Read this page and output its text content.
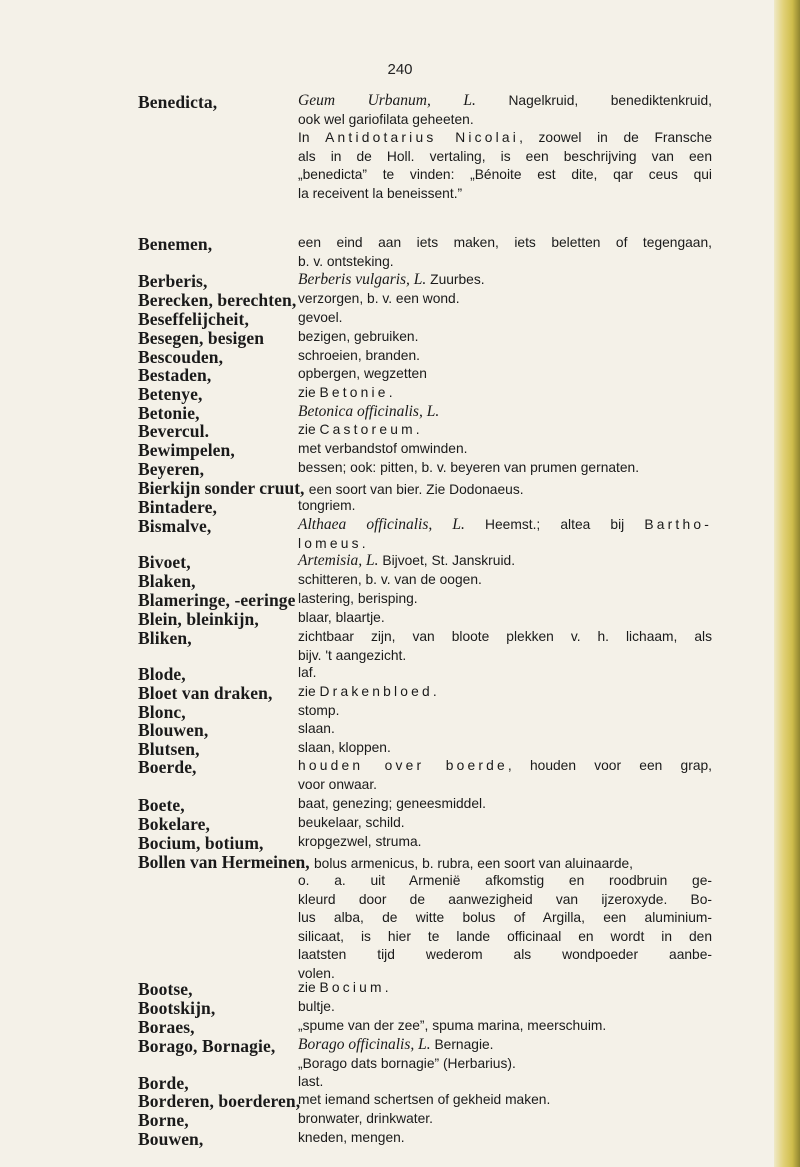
240
Benedicta,	Geum Urbanum, L. Nagelkruid, benediktenkruid,
ook wel gariofilata geheeten.
In Antidotarius Nicolai, zoowel in de Fransche
als in de Holl. vertaling, is een beschrijving van een
„benedicta” te vinden: „Bénoite est dite, qar ceus qui
la receivent la beneissent.”
Benemen,	een eind aan iets maken, iets beletten of tegengaan,
b. v. ontsteking.
Berberis,	Berberis vulgaris, L. Zuurbes.
Berecken, berechten, verzorgen, b. v. een wond.
Beseffelijcheit,	gevoel.
Besegen, besigen bezigen, gebruiken.
Bescouden,	schroeien, branden.
Bestaden,	opbergen, wegzetten
Betenye,	zie Betonie.
Betonie,	Betonica officinalis, L.
Bevercul.	zie Castoreum.
Bewimpelen,	met verbandstof omwinden.
Beyeren,	bessen; ook: pitten, b. v. beyeren van prumen gernaten.
Bierkijn sonder cruut, een soort van bier. Zie Dodonaeus.
Bintadere,	tongriem.
Bismalve,	Althaea officinalis, L. Heemst.; altea bij Bartho-
lomeus.
Bivoet,	Artemisia, L. Bijvoet, St. Janskruid.
Blaken,	schitteren, b. v. van de oogen.
Blameringe, -eeringe lastering, berisping.
Blein, bleinkijn,	blaar, blaartje.
Bliken,	zichtbaar zijn, van bloote plekken v. h. lichaam, als
bijv. 't aangezicht.
Blode,	laf.
Bloet van draken, zie Drakenbloed.
Blonc,	stomp.
Blouwen,	slaan.
Blutsen,	slaan, kloppen.
Boerde,	houden over boerde, houden voor een grap,
voor onwaar.
Boete,	baat, genezing; geneesmiddel.
Bokelare,	beukelaar, schild.
Bocium, botium,	kropgezwel, struma.
Bollen van Hermeinen, bolus armenicus, b. rubra, een soort van aluinaarde,
o. a. uit Armenië afkomstig en roodbruin ge-
kleurd door de aanwezigheid van ijzeroxyde. Bo-
lus alba, de witte bolus of Argilla, een aluminium-
silicaat, is hier te lande officinaal en wordt in den
laatsten tijd wederom als wondpoeder aanbe-
volen.
Bootse,	zie Bocium.
Bootskijn,	bultje.
Boraes,	„spume van der zee”, spuma marina, meerschuim.
Borago, Bornagie, Borago officinalis, L. Bernagie.
„Borago dats bornagie” (Herbarius).
Borde,	last.
Borderen, boerderen,
met iemand schertsen of gekheid maken.
Borne,	bronwater, drinkwater.
Bouwen,	kneden, mengen.
